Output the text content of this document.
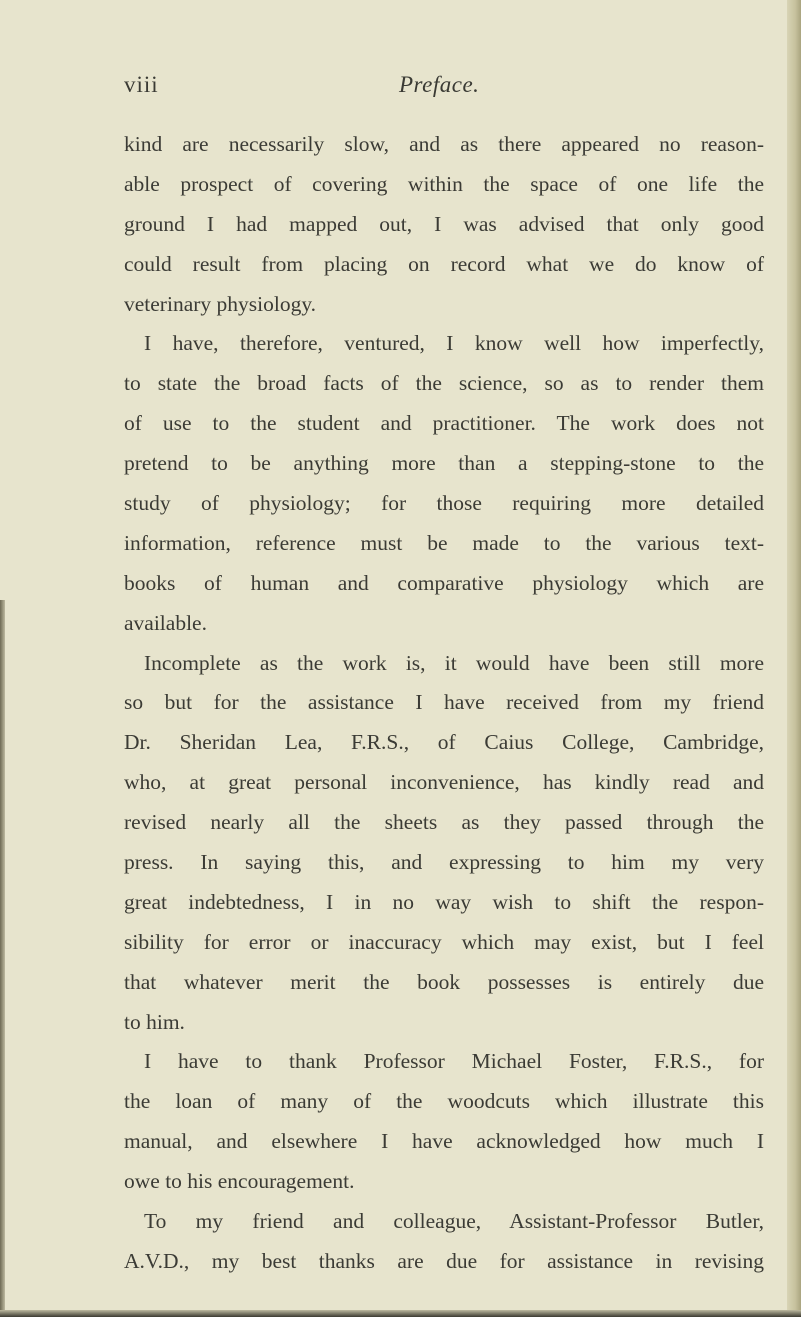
viii	Preface.
kind are necessarily slow, and as there appeared no reason-
able prospect of covering within the space of one life the
ground I had mapped out, I was advised that only good
could result from placing on record what we do know of
veterinary physiology.
I have, therefore, ventured, I know well how imperfectly,
to state the broad facts of the science, so as to render them
of use to the student and practitioner. The work does not
pretend to be anything more than a stepping-stone to the
study of physiology; for those requiring more detailed
information, reference must be made to the various text-
books of human and comparative physiology which are
available.
Incomplete as the work is, it would have been still more
so but for the assistance I have received from my friend
Dr. Sheridan Lea, F.R.S., of Caius College, Cambridge,
who, at great personal inconvenience, has kindly read and
revised nearly all the sheets as they passed through the
press. In saying this, and expressing to him my very
great indebtedness, I in no way wish to shift the respon-
sibility for error or inaccuracy which may exist, but I feel
that whatever merit the book possesses is entirely due
to him.
I have to thank Professor Michael Foster, F.R.S., for
the loan of many of the woodcuts which illustrate this
manual, and elsewhere I have acknowledged how much I
owe to his encouragement.
To my friend and colleague, Assistant-Professor Butler,
A.V.D., my best thanks are due for assistance in revising
